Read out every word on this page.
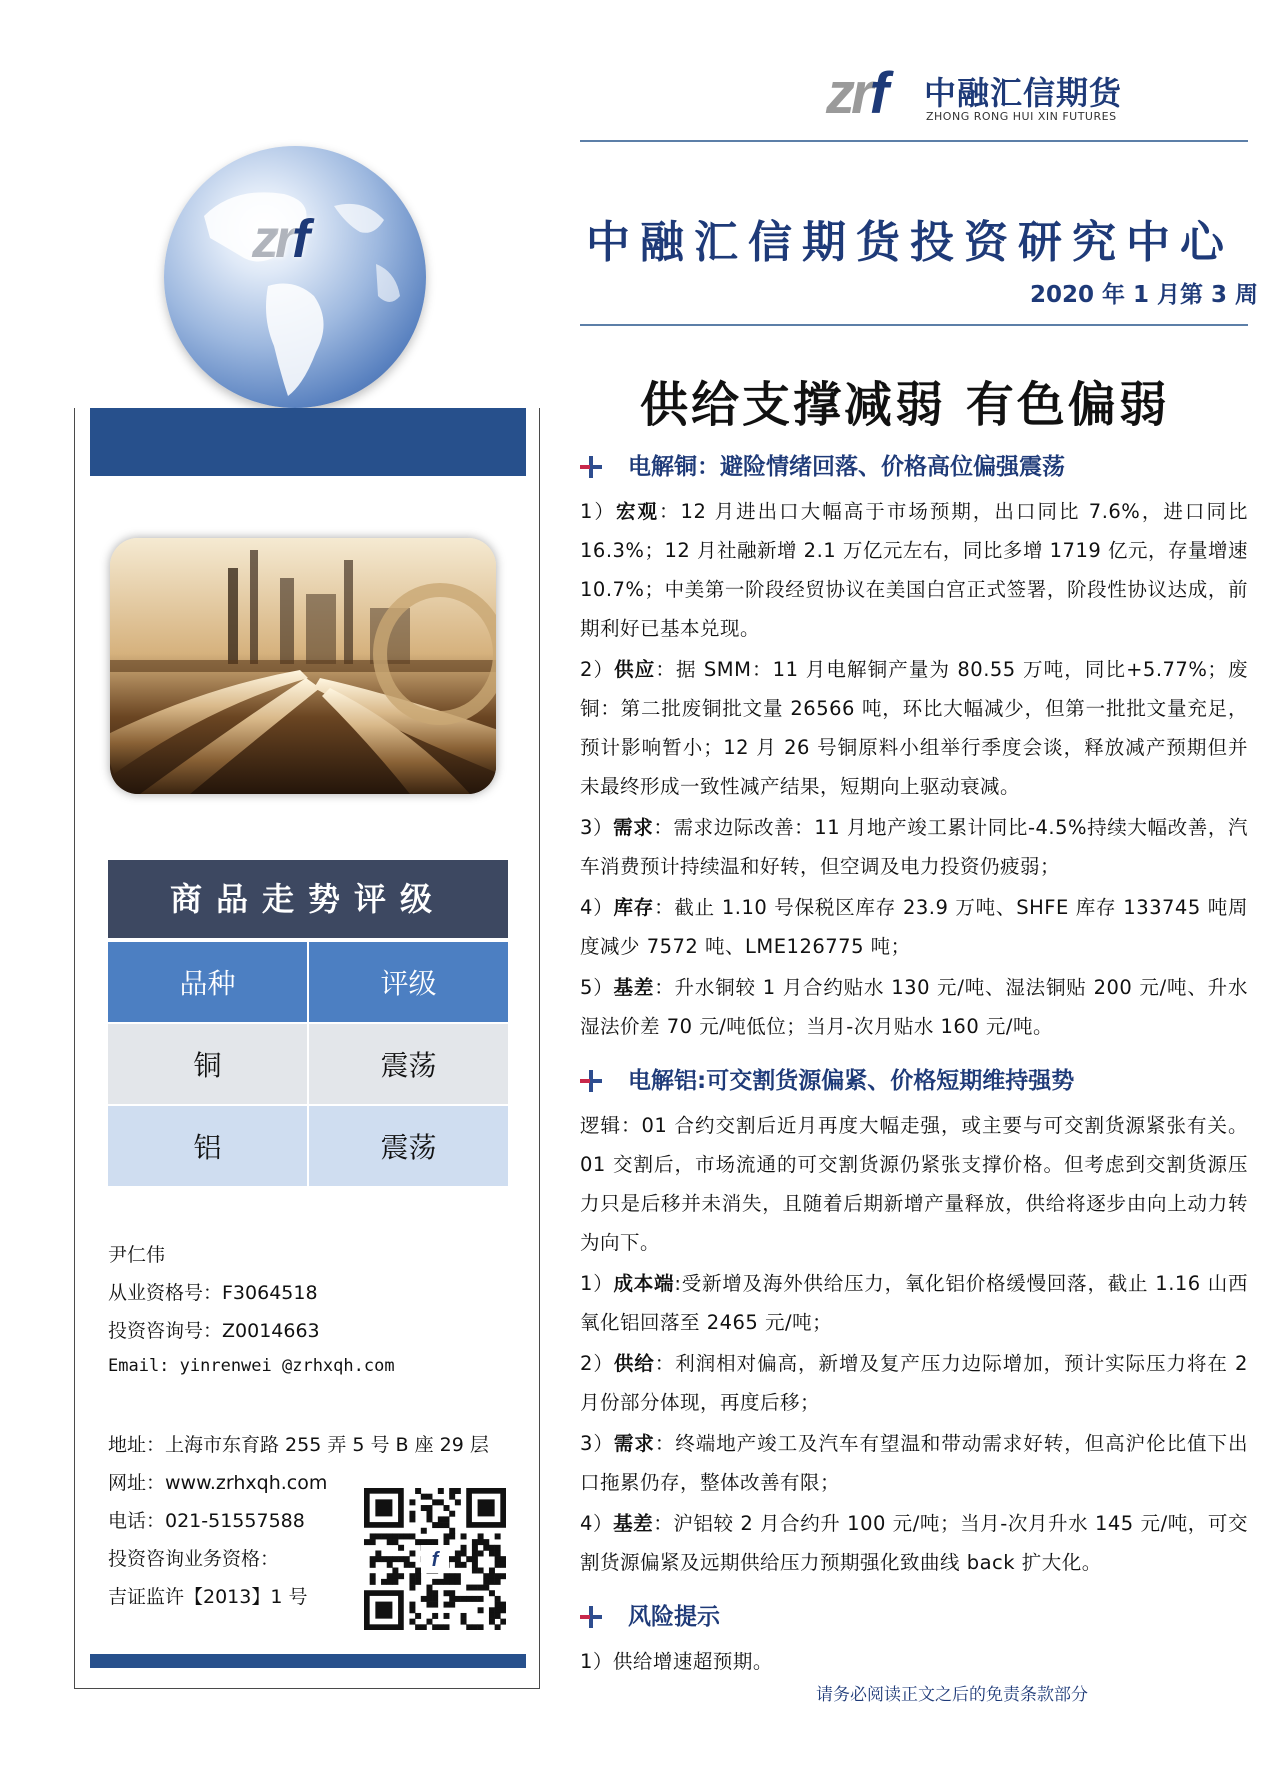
zrf 中融汇信期货
ZHONG RONG HUI XIN FUTURES
中融汇信期货投资研究中心
2020 年 1 月第 3 周
供给支撑减弱 有色偏弱
zrf
商品走势评级
品种	评级
铜	震荡
铝	震荡
尹仁伟
从业资格号：F3064518
投资咨询号：Z0014663
Email: yinrenwei @zrhxqh.com
地址：上海市东育路 255 弄 5 号 B 座 29 层
网址：www.zrhxqh.com
电话：021-51557588
投资咨询业务资格：
吉证监许【2013】1 号
f
电解铜：避险情绪回落、价格高位偏强震荡

1）宏观：12 月进出口大幅高于市场预期，出口同比 7.6%，进口同比 16.3%；12 月社融新增 2.1 万亿元左右，同比多增 1719 亿元，存量增速 10.7%；中美第一阶段经贸协议在美国白宫正式签署，阶段性协议达成，前期利好已基本兑现。

2）供应：据 SMM：11 月电解铜产量为 80.55 万吨，同比+5.77%；废铜：第二批废铜批文量 26566 吨，环比大幅减少，但第一批批文量充足，预计影响暂小；12 月 26 号铜原料小组举行季度会谈，释放减产预期但并未最终形成一致性减产结果，短期向上驱动衰减。

3）需求：需求边际改善：11 月地产竣工累计同比-4.5%持续大幅改善，汽车消费预计持续温和好转，但空调及电力投资仍疲弱；

4）库存：截止 1.10 号保税区库存 23.9 万吨、SHFE 库存 133745 吨周度减少 7572 吨、LME126775 吨；

5）基差：升水铜较 1 月合约贴水 130 元/吨、湿法铜贴 200 元/吨、升水湿法价差 70 元/吨低位；当月-次月贴水 160 元/吨。

电解铝:可交割货源偏紧、价格短期维持强势

逻辑：01 合约交割后近月再度大幅走强，或主要与可交割货源紧张有关。01 交割后，市场流通的可交割货源仍紧张支撑价格。但考虑到交割货源压力只是后移并未消失，且随着后期新增产量释放，供给将逐步由向上动力转为向下。

1）成本端:受新增及海外供给压力，氧化铝价格缓慢回落，截止 1.16 山西氧化铝回落至 2465 元/吨；

2）供给：利润相对偏高，新增及复产压力边际增加，预计实际压力将在 2 月份部分体现，再度后移；

3）需求：终端地产竣工及汽车有望温和带动需求好转，但高沪伦比值下出口拖累仍存，整体改善有限；

4）基差：沪铝较 2 月合约升 100 元/吨；当月-次月升水 145 元/吨，可交割货源偏紧及远期供给压力预期强化致曲线 back 扩大化。

风险提示

1）供给增速超预期。

请务必阅读正文之后的免责条款部分
